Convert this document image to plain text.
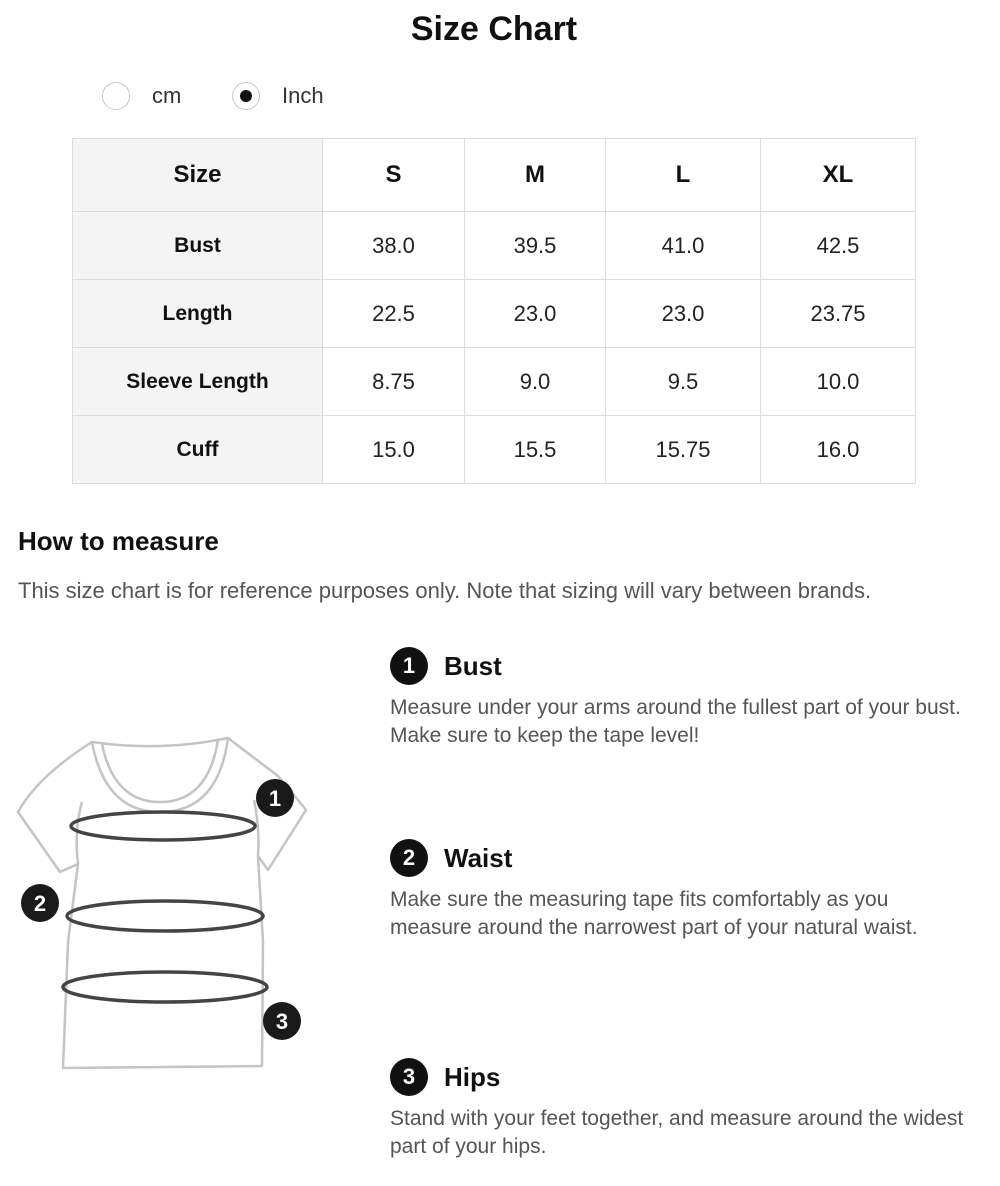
Size Chart
cm	Inch
Size	S	M	L	XL
Bust	38.0	39.5	41.0	42.5
Length	22.5	23.0	23.0	23.75
Sleeve Length	8.75	9.0	9.5	10.0
Cuff	15.0	15.5	15.75	16.0
How to measure
This size chart is for reference purposes only. Note that sizing will vary between brands.
1
2
3
1	Bust
Measure under your arms around the fullest part of your bust. Make sure to keep the tape level!
2	Waist
Make sure the measuring tape fits comfortably as you measure around the narrowest part of your natural waist.
3	Hips
Stand with your feet together, and measure around the widest part of your hips.
